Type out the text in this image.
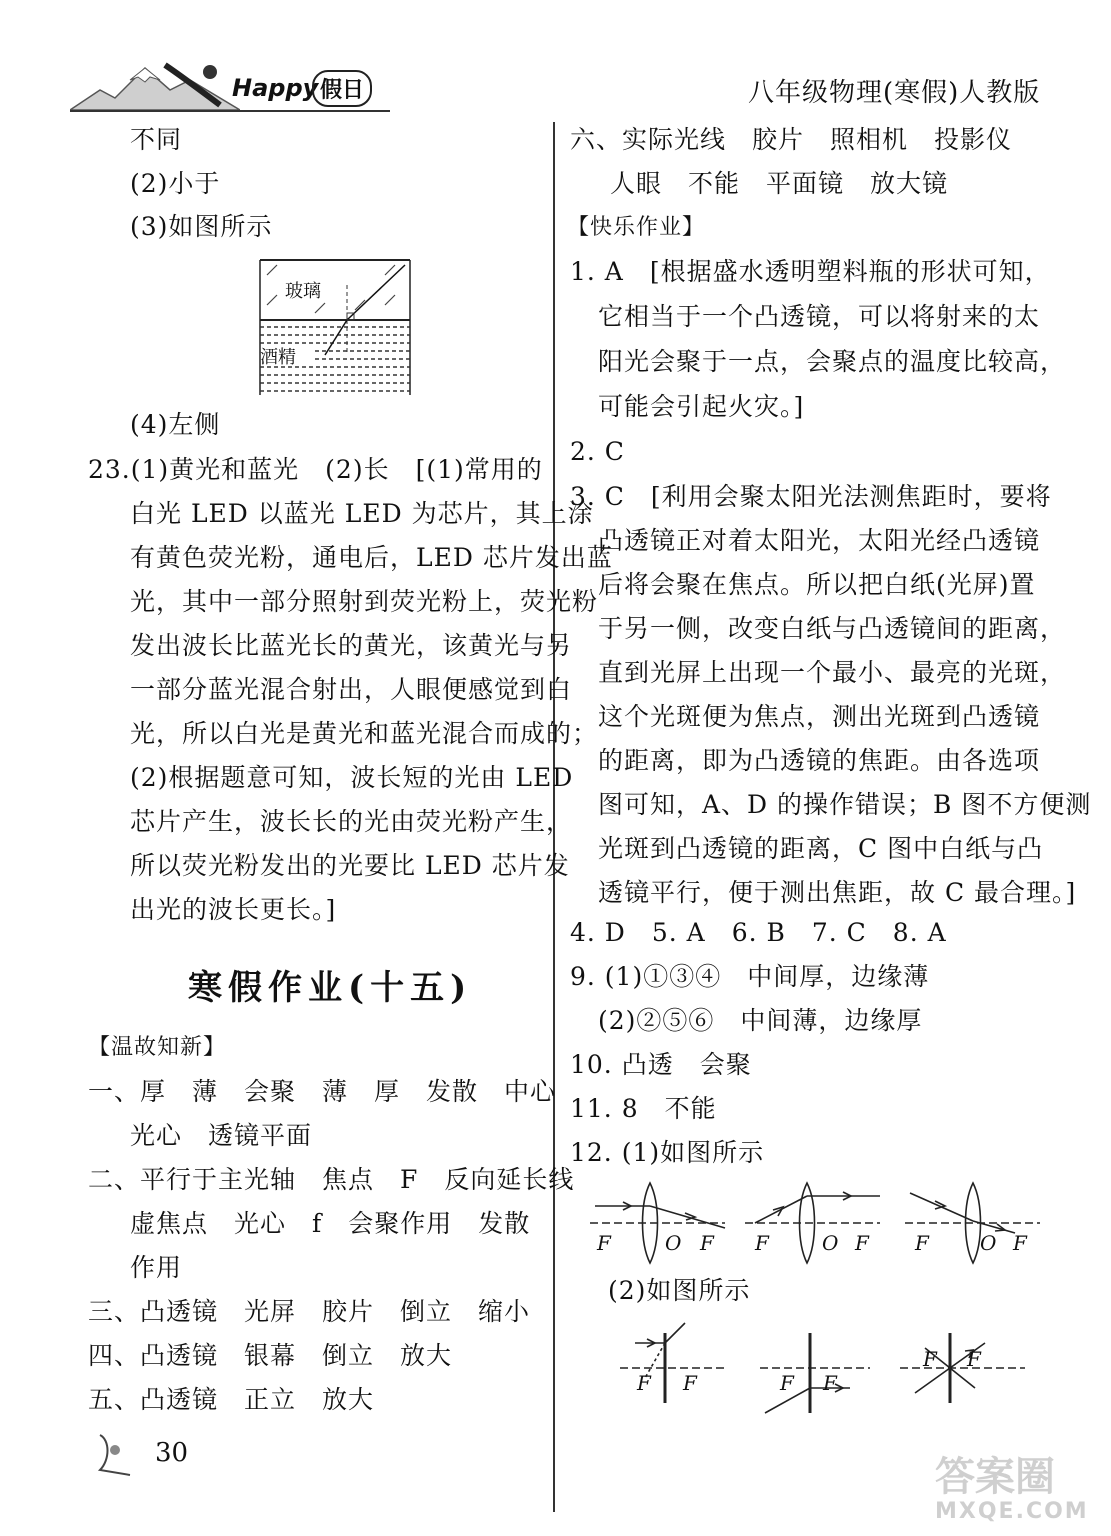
Happy 假日	八年级物理(寒假)人教版
不同
(2)小于
(3)如图所示
玻璃
酒精
(4)左侧
23.(1)黄光和蓝光　(2)长　[(1)常用的
白光 LED 以蓝光 LED 为芯片，其上涂
有黄色荧光粉，通电后，LED 芯片发出蓝
光，其中一部分照射到荧光粉上，荧光粉
发出波长比蓝光长的黄光，该黄光与另
一部分蓝光混合射出，人眼便感觉到白
光，所以白光是黄光和蓝光混合而成的；
(2)根据题意可知，波长短的光由 LED
芯片产生，波长长的光由荧光粉产生，
所以荧光粉发出的光要比 LED 芯片发
出光的波长更长。]
寒假作业(十五)
【温故知新】
一、厚　薄　会聚　薄　厚　发散　中心
光心　透镜平面
二、平行于主光轴　焦点　F　反向延长线
虚焦点　光心　f　会聚作用　发散
作用
三、凸透镜　光屏　胶片　倒立　缩小
四、凸透镜　银幕　倒立　放大
五、凸透镜　正立　放大
30
六、实际光线　胶片　照相机　投影仪
人眼　不能　平面镜　放大镜
【快乐作业】
1. A　[根据盛水透明塑料瓶的形状可知，
它相当于一个凸透镜，可以将射来的太
阳光会聚于一点，会聚点的温度比较高，
可能会引起火灾。]
2. C
3. C　[利用会聚太阳光法测焦距时，要将
凸透镜正对着太阳光，太阳光经凸透镜
后将会聚在焦点。所以把白纸(光屏)置
于另一侧，改变白纸与凸透镜间的距离，
直到光屏上出现一个最小、最亮的光斑，
这个光斑便为焦点，测出光斑到凸透镜
的距离，即为凸透镜的焦距。由各选项
图可知，A、D 的操作错误；B 图不方便测
光斑到凸透镜的距离，C 图中白纸与凸
透镜平行，便于测出焦距，故 C 最合理。]
4. D　5. A　6. B　7. C　8. A
9. (1)①③④　中间厚，边缘薄
(2)②⑤⑥　中间薄，边缘厚
10. 凸透　会聚
11. 8　不能
12. (1)如图所示
F	O F F	O F F	O F
(2)如图所示
F F	F F
F F
答案圈
MXQE.COM
